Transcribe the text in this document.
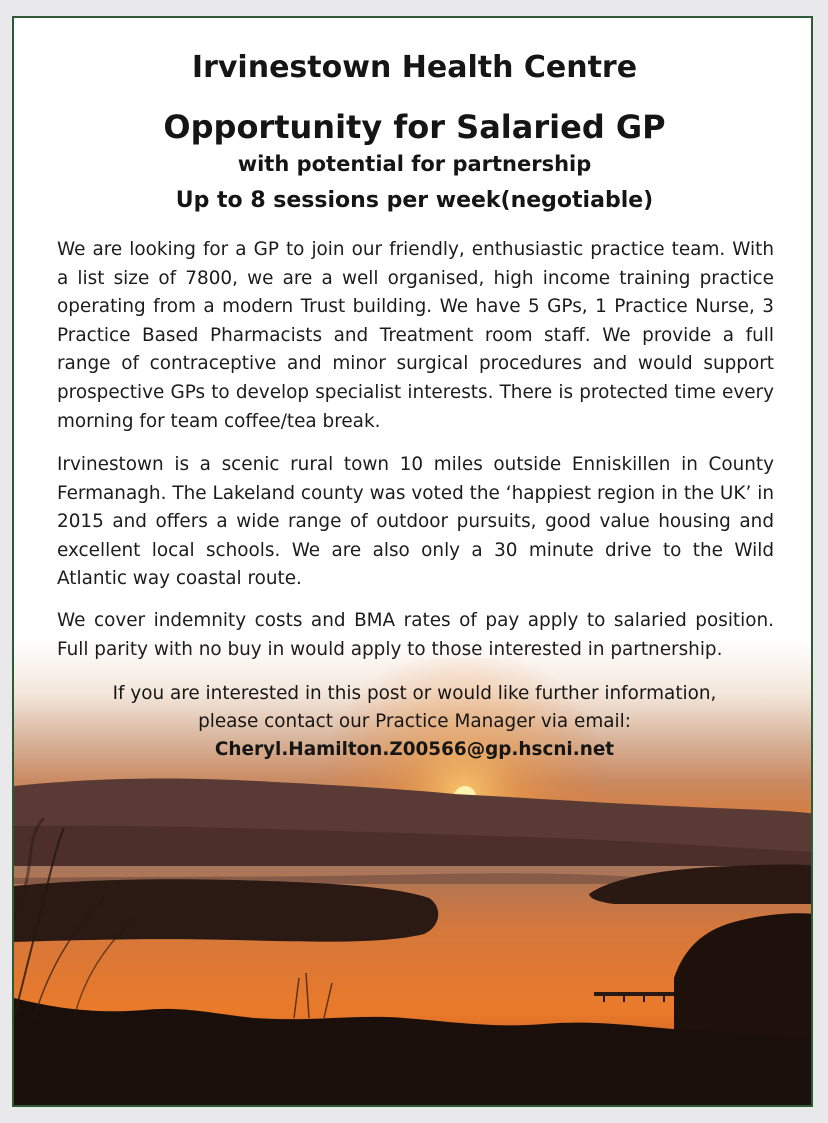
Irvinestown Health Centre
Opportunity for Salaried GP
with potential for partnership
Up to 8 sessions per week(negotiable)

We are looking for a GP to join our friendly, enthusiastic practice team. With a list size of 7800, we are a well organised, high income training practice operating from a modern Trust building. We have 5 GPs, 1 Practice Nurse, 3 Practice Based Pharmacists and Treatment room staff. We provide a full range of contraceptive and minor surgical procedures and would support prospective GPs to develop specialist interests. There is protected time every morning for team coffee/tea break.

Irvinestown is a scenic rural town 10 miles outside Enniskillen in County Fermanagh. The Lakeland county was voted the ‘happiest region in the UK’ in 2015 and offers a wide range of outdoor pursuits, good value housing and excellent local schools. We are also only a 30 minute drive to the Wild Atlantic way coastal route.

We cover indemnity costs and BMA rates of pay apply to salaried position. Full parity with no buy in would apply to those interested in partnership.

If you are interested in this post or would like further information,
please contact our Practice Manager via email:
Cheryl.Hamilton.Z00566@gp.hscni.net
